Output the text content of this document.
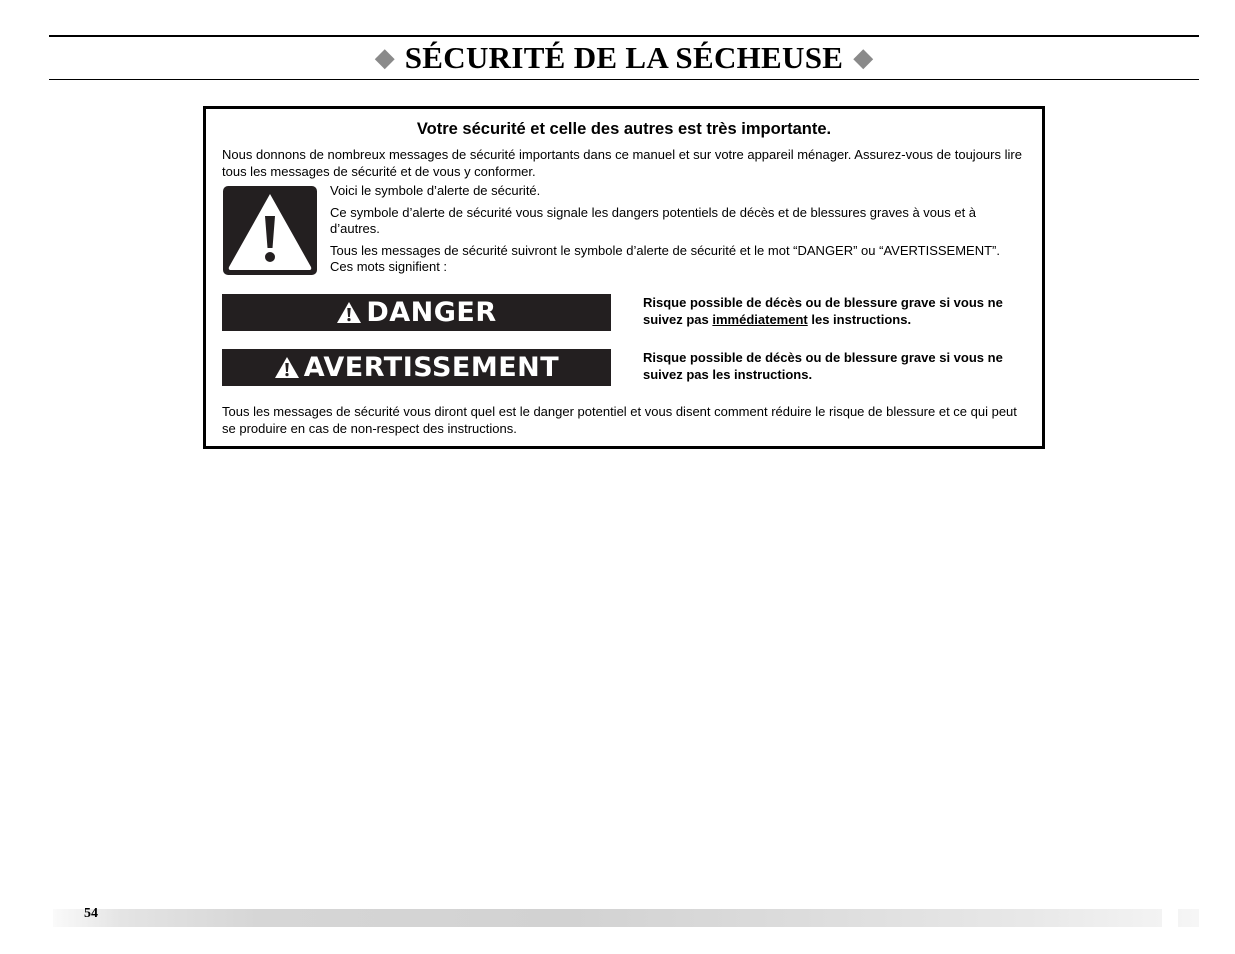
◆ SÉCURITÉ DE LA SÉCHEUSE ◆
Votre sécurité et celle des autres est très importante.
Nous donnons de nombreux messages de sécurité importants dans ce manuel et sur votre appareil ménager. Assurez-vous de toujours lire tous les messages de sécurité et de vous y conformer.

Voici le symbole d’alerte de sécurité.

Ce symbole d’alerte de sécurité vous signale les dangers potentiels de décès et de blessures graves à vous et à d’autres.

Tous les messages de sécurité suivront le symbole d’alerte de sécurité et le mot “DANGER” ou “AVERTISSEMENT”. Ces mots signifient :

DANGER	Risque possible de décès ou de blessure grave si vous ne suivez pas immédiatement les instructions.
AVERTISSEMENT	Risque possible de décès ou de blessure grave si vous ne suivez pas les instructions.
Tous les messages de sécurité vous diront quel est le danger potentiel et vous disent comment réduire le risque de blessure et ce qui peut se produire en cas de non-respect des instructions.
54
